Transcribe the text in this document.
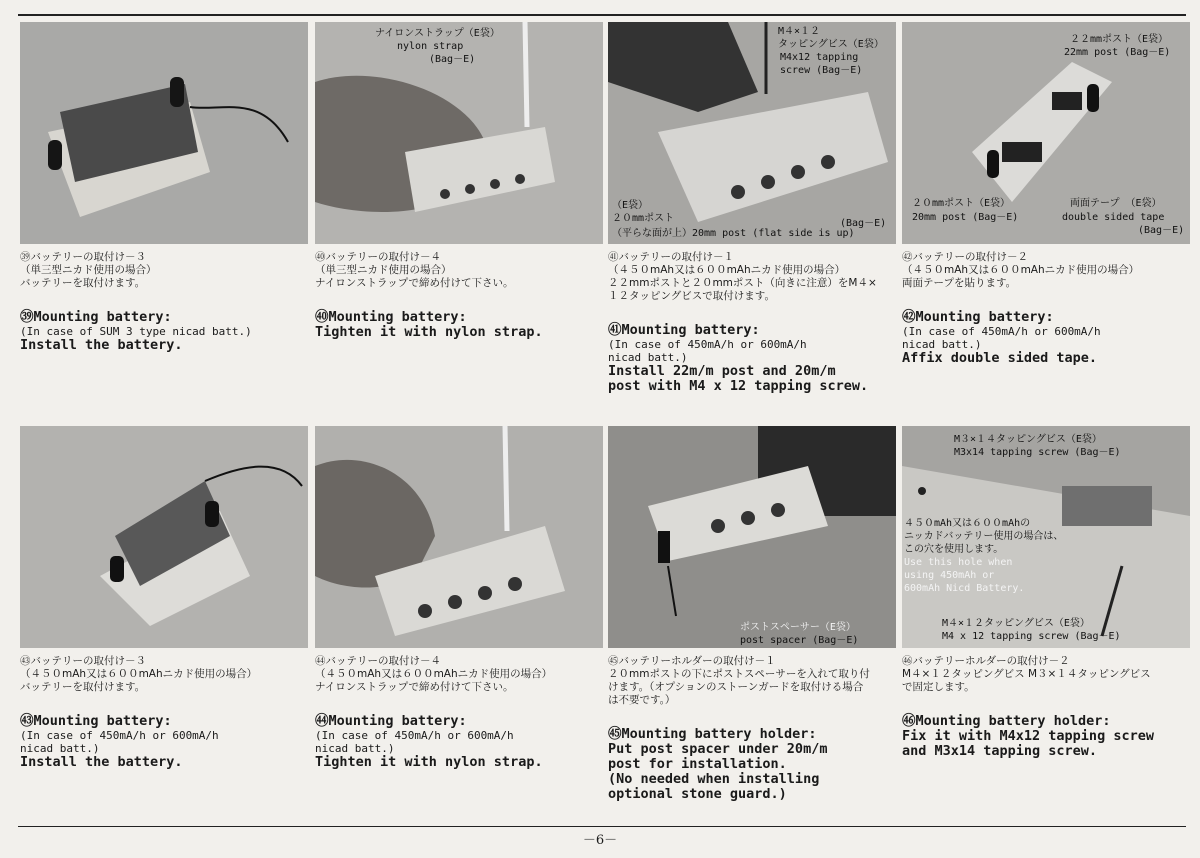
㊴バッテリーの取付け－３
（単三型ニカド使用の場合）
バッテリーを取付けます。
㊴Mounting battery:
(In case of SUM 3 type nicad batt.)
Install the battery.
ナイロンストラップ（E袋）
nylon strap
(Bag－E)
㊵バッテリーの取付け－４
（単三型ニカド使用の場合）
ナイロンストラップで締め付けて下さい。
㊵Mounting battery:
Tighten it with nylon strap.
M４×１２
タッピングビス（E袋）
M4x12 tapping
screw (Bag－E)
（E袋）
２０mmポスト
（平らな面が上）20mm post (flat side is up)
(Bag－E)
㊶バッテリーの取付け－１
（４５０mAh又は６００mAhニカド使用の場合）
２２mmポストと２０mmポスト（向きに注意）をM４×
１２タッピングビスで取付けます。
㊶Mounting battery:
(In case of 450mA/h or 600mA/h
nicad batt.)
Install 22m/m post and 20m/m
post with M4 x 12 tapping screw.
２２mmポスト（E袋）
22mm post (Bag－E)
２０mmポスト（E袋）
20mm post (Bag－E)
両面テープ （E袋）
double sided tape
(Bag－E)
㊷バッテリーの取付け－２
（４５０mAh又は６００mAhニカド使用の場合）
両面テープを貼ります。
㊷Mounting battery:
(In case of 450mA/h or 600mA/h
nicad batt.)
Affix double sided tape.
㊸バッテリーの取付け－３
（４５０mAh又は６００mAhニカド使用の場合）
バッテリーを取付けます。
㊸Mounting battery:
(In case of 450mA/h or 600mA/h
nicad batt.)
Install the battery.
㊹バッテリーの取付け－４
（４５０mAh又は６００mAhニカド使用の場合）
ナイロンストラップで締め付けて下さい。
㊹Mounting battery:
(In case of 450mA/h or 600mA/h
nicad batt.)
Tighten it with nylon strap.
ポストスペーサー（E袋）
post spacer (Bag－E)
㊺バッテリーホルダーの取付け－１
２０mmポストの下にポストスペーサーを入れて取り付
けます。（オプションのストーンガードを取付ける場合
は不要です。）
㊺Mounting battery holder:
Put post spacer under 20m/m
post for installation.
(No needed when installing
optional stone guard.)
M３×１４タッピングビス（E袋）
M3x14 tapping screw (Bag－E)
４５０mAh又は６００mAhの
ニッカドバッテリー使用の場合は、
この穴を使用します。
Use this hole when
using 450mAh or
600mAh Nicd Battery.
M４×１２タッピングビス（E袋）
M4 x 12 tapping screw (Bag－E)
㊻バッテリーホルダーの取付け－２
M４×１２タッピングビス M３×１４タッピングビス
で固定します。
㊻Mounting battery holder:
Fix it with M4x12 tapping screw
and M3x14 tapping screw.
－6－
